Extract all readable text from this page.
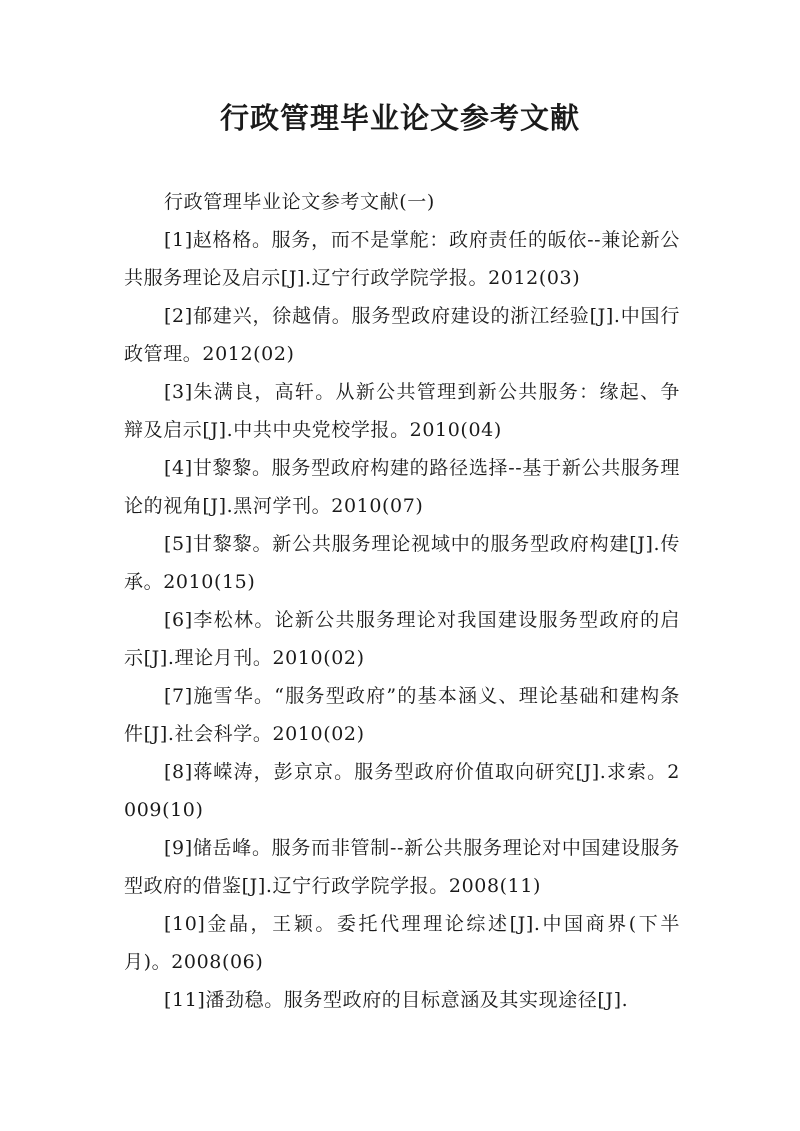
行政管理毕业论文参考文献

行政管理毕业论文参考文献(一)

[1]赵格格。服务，而不是掌舵：政府责任的皈依--兼论新公共服务理论及启示[J].辽宁行政学院学报。2012(03)

[2]郁建兴，徐越倩。服务型政府建设的浙江经验[J].中国行政管理。2012(02)

[3]朱满良，高轩。从新公共管理到新公共服务：缘起、争辩及启示[J].中共中央党校学报。2010(04)

[4]甘黎黎。服务型政府构建的路径选择--基于新公共服务理论的视角[J].黑河学刊。2010(07)

[5]甘黎黎。新公共服务理论视域中的服务型政府构建[J].传承。2010(15)

[6]李松林。论新公共服务理论对我国建设服务型政府的启示[J].理论月刊。2010(02)

[7]施雪华。“服务型政府”的基本涵义、理论基础和建构条件[J].社会科学。2010(02)

[8]蒋嵘涛，彭京京。服务型政府价值取向研究[J].求索。2009(10)

[9]储岳峰。服务而非管制--新公共服务理论对中国建设服务型政府的借鉴[J].辽宁行政学院学报。2008(11)

[10]金晶，王颖。委托代理理论综述[J].中国商界(下半月)。2008(06)

[11]潘劲稳。服务型政府的目标意涵及其实现途径[J].
